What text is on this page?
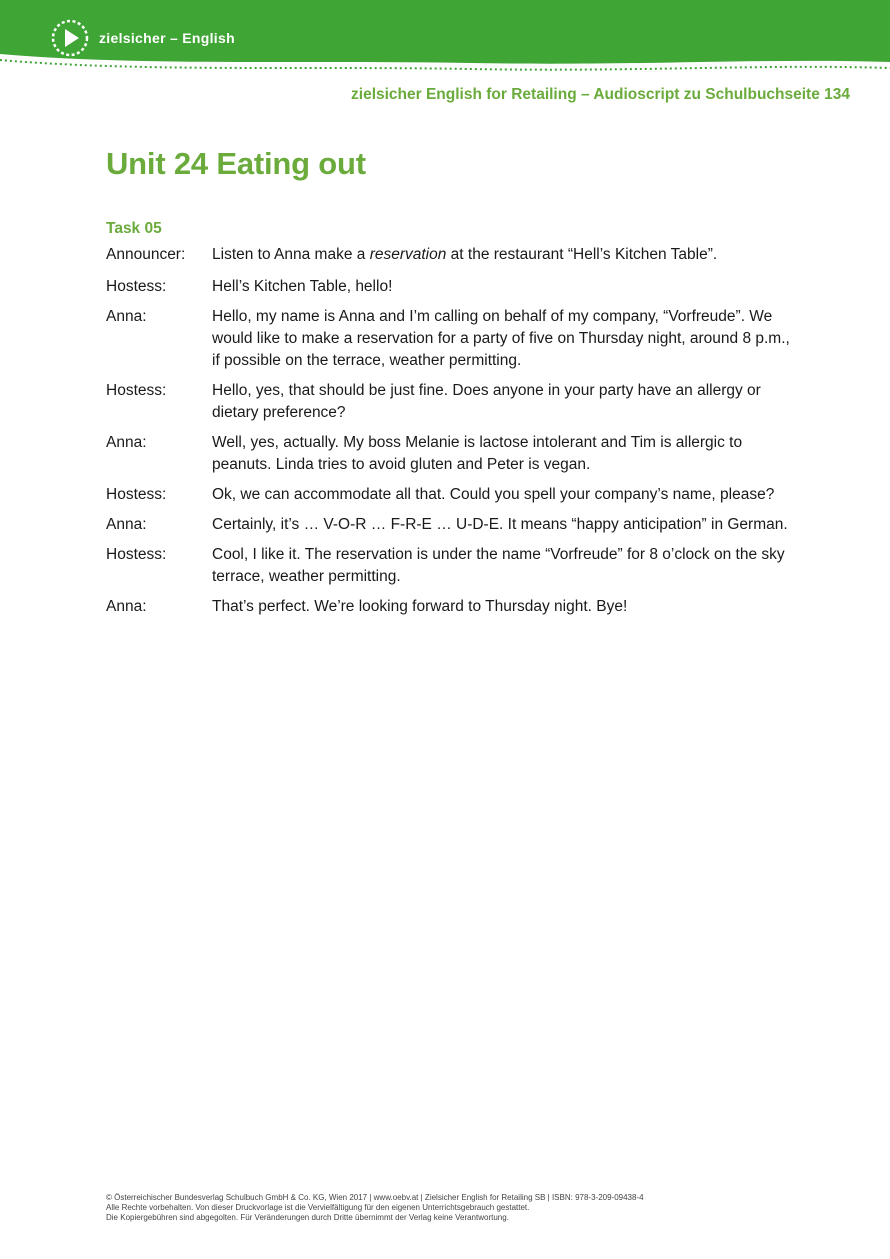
zielsicher – English
zielsicher English for Retailing – Audioscript zu Schulbuchseite 134
Unit 24 Eating out
Task 05
Announcer:	Listen to Anna make a reservation at the restaurant “Hell’s Kitchen Table”.
Hostess:	Hell’s Kitchen Table, hello!
Anna:	Hello, my name is Anna and I’m calling on behalf of my company, “Vorfreude”. We would like to make a reservation for a party of five on Thursday night, around 8 p.m., if possible on the terrace, weather permitting.
Hostess:	Hello, yes, that should be just fine. Does anyone in your party have an allergy or dietary preference?
Anna:	Well, yes, actually. My boss Melanie is lactose intolerant and Tim is allergic to peanuts. Linda tries to avoid gluten and Peter is vegan.
Hostess:	Ok, we can accommodate all that. Could you spell your company’s name, please?
Anna:	Certainly, it’s … V-O-R … F-R-E … U-D-E. It means “happy anticipation” in German.
Hostess:	Cool, I like it. The reservation is under the name “Vorfreude” for 8 o’clock on the sky terrace, weather permitting.
Anna:	That’s perfect. We’re looking forward to Thursday night. Bye!
© Österreichischer Bundesverlag Schulbuch GmbH & Co. KG, Wien 2017 | www.oebv.at | Zielsicher English for Retailing SB | ISBN: 978-3-209-09438-4
Alle Rechte vorbehalten. Von dieser Druckvorlage ist die Vervielfältigung für den eigenen Unterrichtsgebrauch gestattet.
Die Kopiergebühren sind abgegolten. Für Veränderungen durch Dritte übernimmt der Verlag keine Verantwortung.
